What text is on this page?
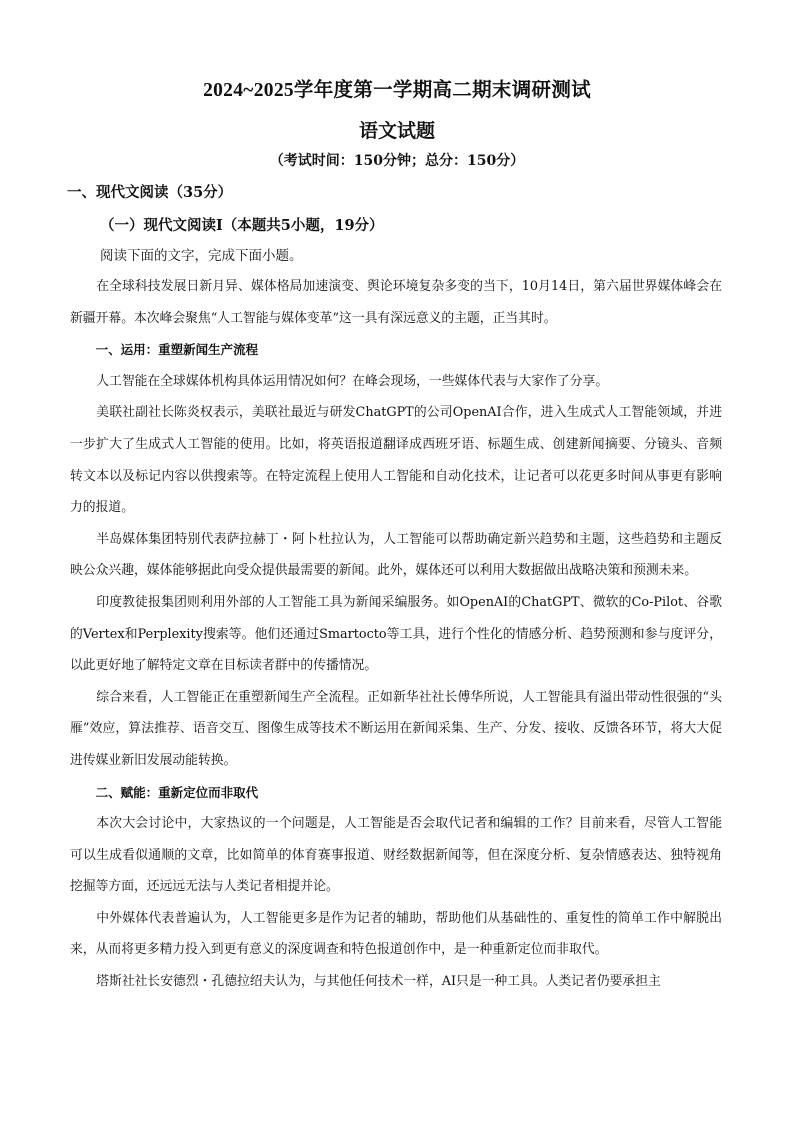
2024~2025学年度第一学期高二期末调研测试
语文试题
（考试时间：150分钟；总分：150分）
一、现代文阅读（35分）
（一）现代文阅读Ⅰ（本题共5小题，19分）
阅读下面的文字，完成下面小题。

在全球科技发展日新月异、媒体格局加速演变、舆论环境复杂多变的当下，10月14日，第六届世界媒体峰会在新疆开幕。本次峰会聚焦“人工智能与媒体变革”这一具有深远意义的主题，正当其时。

一、运用：重塑新闻生产流程

人工智能在全球媒体机构具体运用情况如何？在峰会现场，一些媒体代表与大家作了分享。

美联社副社长陈炎权表示，美联社最近与研发ChatGPT的公司OpenAI合作，进入生成式人工智能领域，并进一步扩大了生成式人工智能的使用。比如，将英语报道翻译成西班牙语、标题生成、创建新闻摘要、分镜头、音频转文本以及标记内容以供搜索等。在特定流程上使用人工智能和自动化技术，让记者可以花更多时间从事更有影响力的报道。

半岛媒体集团特别代表萨拉赫丁・阿卜杜拉认为，人工智能可以帮助确定新兴趋势和主题，这些趋势和主题反映公众兴趣，媒体能够据此向受众提供最需要的新闻。此外，媒体还可以利用大数据做出战略决策和预测未来。

印度教徒报集团则利用外部的人工智能工具为新闻采编服务。如OpenAI的ChatGPT、微软的Co-Pilot、谷歌的Vertex和Perplexity搜索等。他们还通过Smartocto等工具，进行个性化的情感分析、趋势预测和参与度评分，以此更好地了解特定文章在目标读者群中的传播情况。

综合来看，人工智能正在重塑新闻生产全流程。正如新华社社长傅华所说，人工智能具有溢出带动性很强的“头雁”效应，算法推荐、语音交互、图像生成等技术不断运用在新闻采集、生产、分发、接收、反馈各环节，将大大促进传媒业新旧发展动能转换。

二、赋能：重新定位而非取代

本次大会讨论中，大家热议的一个问题是，人工智能是否会取代记者和编辑的工作？目前来看，尽管人工智能可以生成看似通顺的文章，比如简单的体育赛事报道、财经数据新闻等，但在深度分析、复杂情感表达、独特视角挖掘等方面，还远远无法与人类记者相提并论。

中外媒体代表普遍认为，人工智能更多是作为记者的辅助，帮助他们从基础性的、重复性的简单工作中解脱出来，从而将更多精力投入到更有意义的深度调查和特色报道创作中，是一种重新定位而非取代。

塔斯社社长安德烈・孔德拉绍夫认为，与其他任何技术一样，AI只是一种工具。人类记者仍要承担主
